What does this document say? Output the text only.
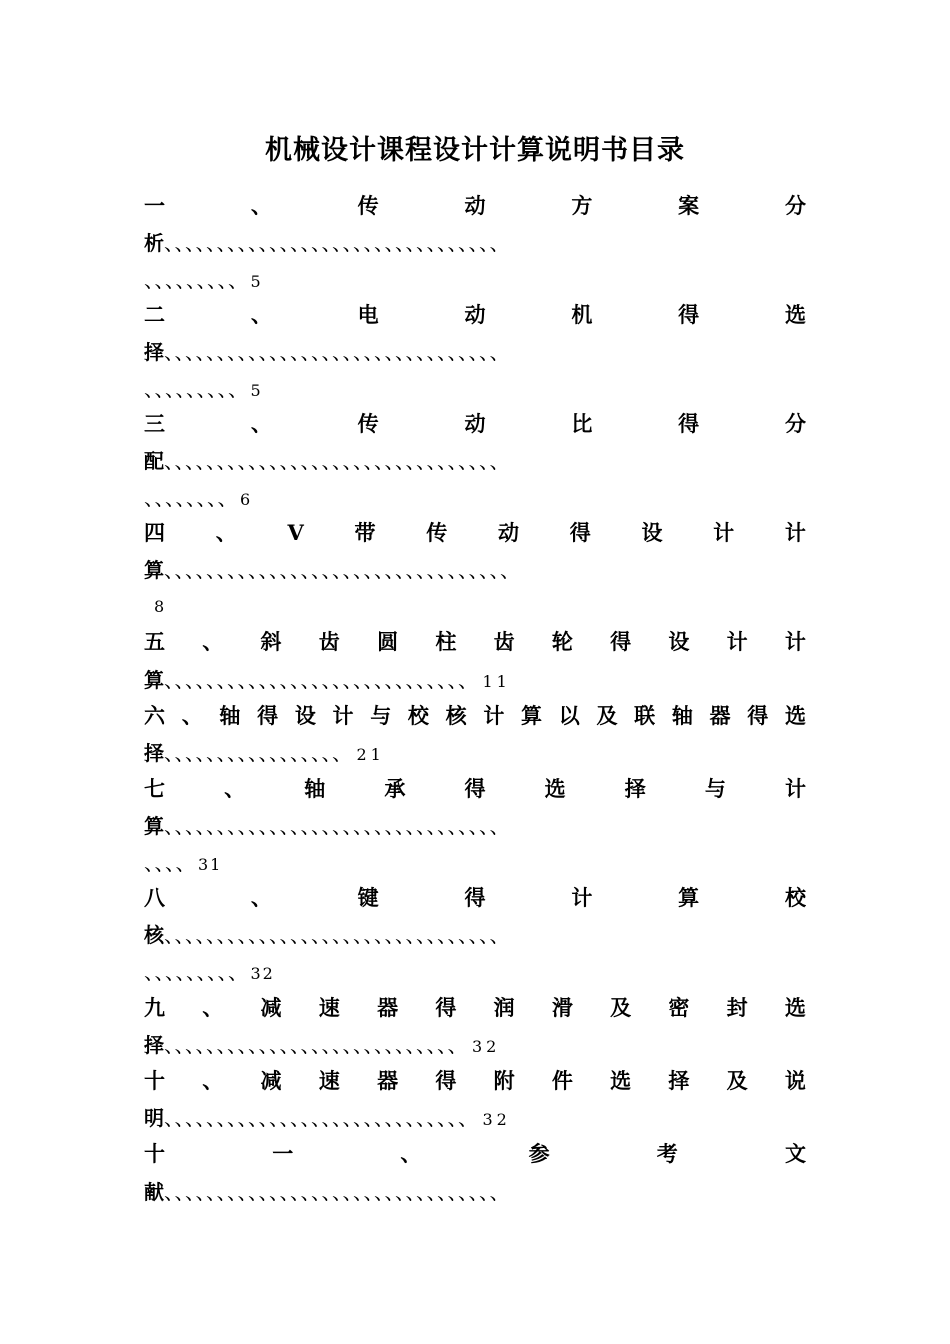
机械设计课程设计计算说明书目录
一	、	传	动	方	案	分
析、、、、、、、、、、、、、、、、、、、、、、、、、、、、、、、、
、、、、、、、、、 5
二	、	电	动	机	得	选
择、、、、、、、、、、、、、、、、、、、、、、、、、、、、、、、、
、、、、、、、、、 5
三	、	传	动	比	得	分
配、、、、、、、、、、、、、、、、、、、、、、、、、、、、、、、、
、、、、、、、、 6
四 、 V 带 传 动 得 设 计 计
算、、、、、、、、、、、、、、、、、、、、、、、、、、、、、、、、、
8
五 、 斜 齿 圆 柱 齿 轮 得 设 计 计
算、、、、、、、、、、、、、、、、、、、、、、、、、、、、、 11
六 、 轴 得 设 计 与 校 核 计 算 以 及 联 轴 器 得 选
择、、、、、、、、、、、、、、、、、 21
七	、	轴	承	得	选	择	与	计
算、、、、、、、、、、、、、、、、、、、、、、、、、、、、、、、、
、、、、 31
八	、	键	得	计	算	校
核、、、、、、、、、、、、、、、、、、、、、、、、、、、、、、、、
、、、、、、、、、 32
九 、 减 速 器 得 润 滑 及 密 封 选
择、、、、、、、、、、、、、、、、、、、、、、、、、、、、 32
十 、 减 速 器 得 附 件 选 择 及 说
明、、、、、、、、、、、、、、、、、、、、、、、、、、、、、 32
十	一	、	参	考	文
献、、、、、、、、、、、、、、、、、、、、、、、、、、、、、、、、
